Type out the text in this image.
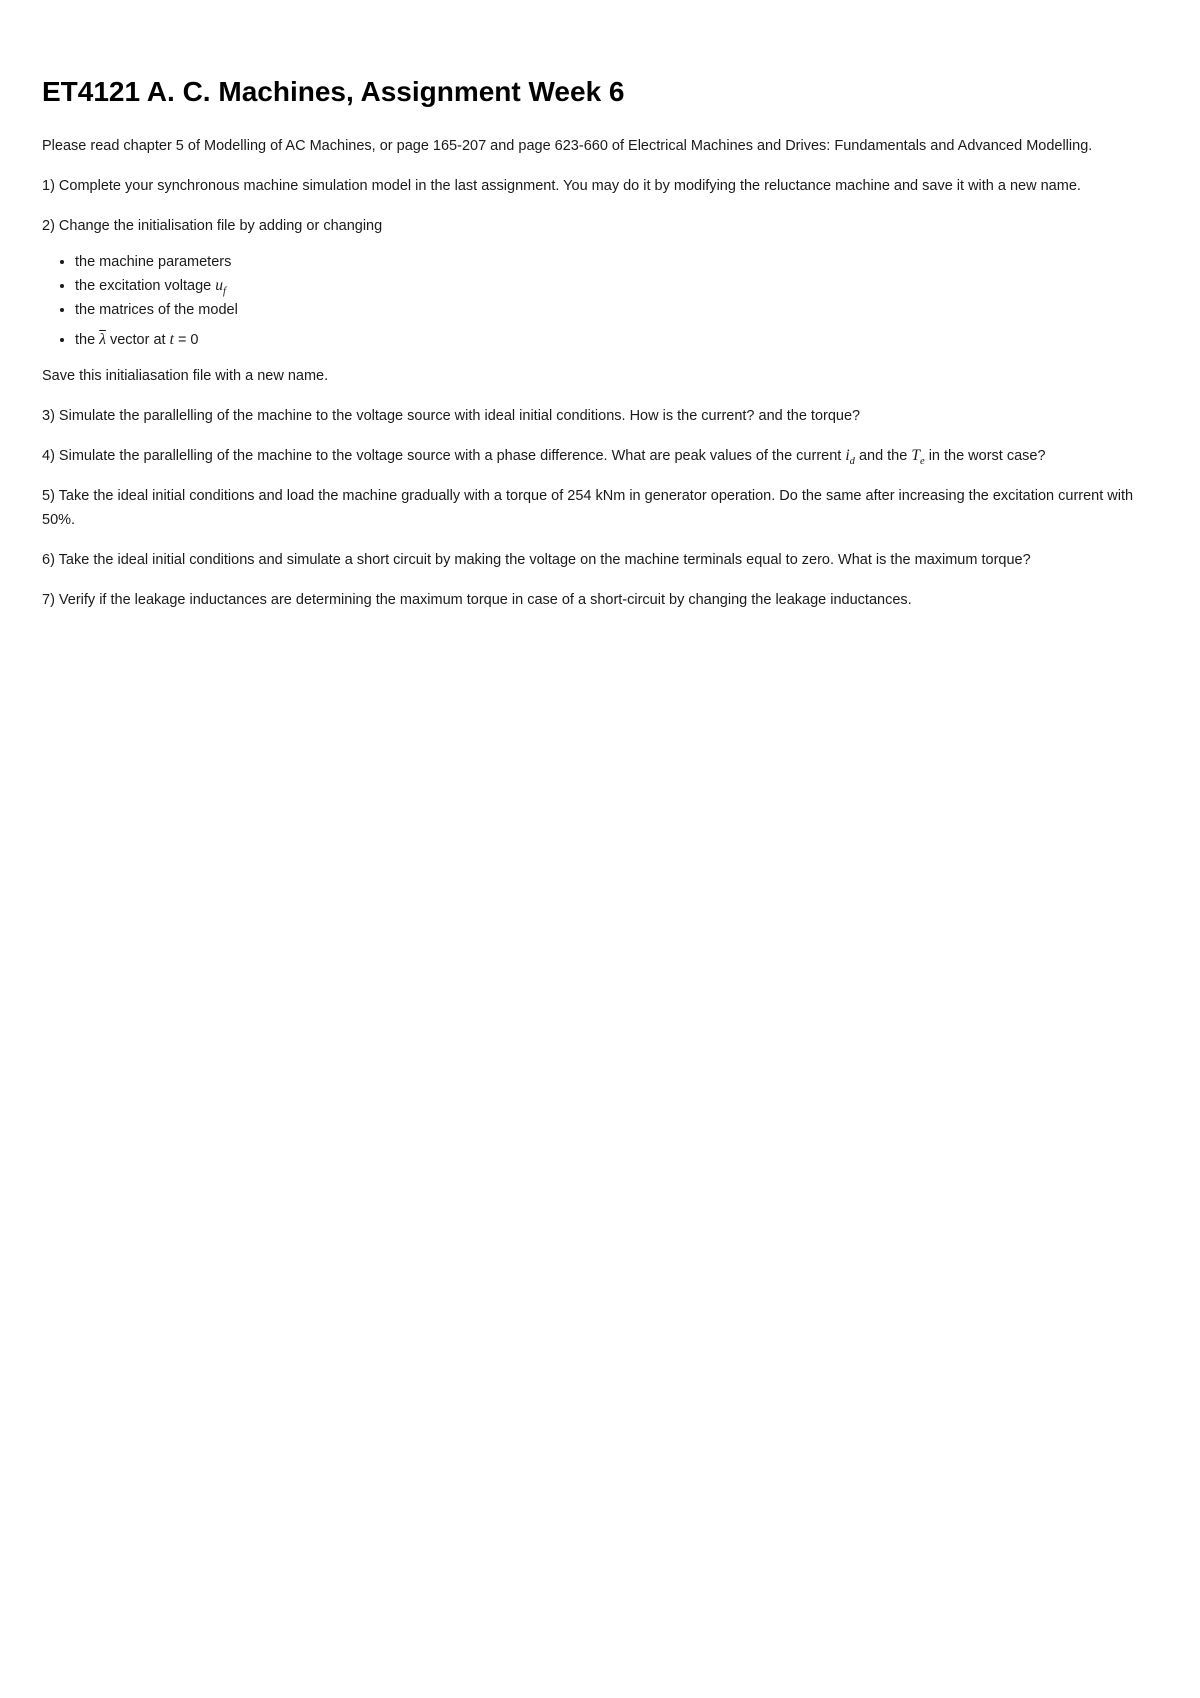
ET4121 A. C. Machines, Assignment Week 6

Please read chapter 5 of Modelling of AC Machines, or page 165-207 and page 623-660 of Electrical Machines and Drives: Fundamentals and Advanced Modelling.

1) Complete your synchronous machine simulation model in the last assignment. You may do it by modifying the reluctance machine and save it with a new name.

2) Change the initialisation file by adding or changing

• the machine parameters
• the excitation voltage $u_f$
• the matrices of the model
• the $\overline{\lambda}$ vector at t = 0

Save this initialiasation file with a new name.

3) Simulate the parallelling of the machine to the voltage source with ideal initial conditions. How is the current? and the torque?

4) Simulate the parallelling of the machine to the voltage source with a phase difference. What are peak values of the current $i_d$ and the $T_e$ in the worst case?

5) Take the ideal initial conditions and load the machine gradually with a torque of 254 kNm in generator operation. Do the same after increasing the excitation current with 50%.

6) Take the ideal initial conditions and simulate a short circuit by making the voltage on the machine terminals equal to zero. What is the maximum torque?

7) Verify if the leakage inductances are determining the maximum torque in case of a short-circuit by changing the leakage inductances.
